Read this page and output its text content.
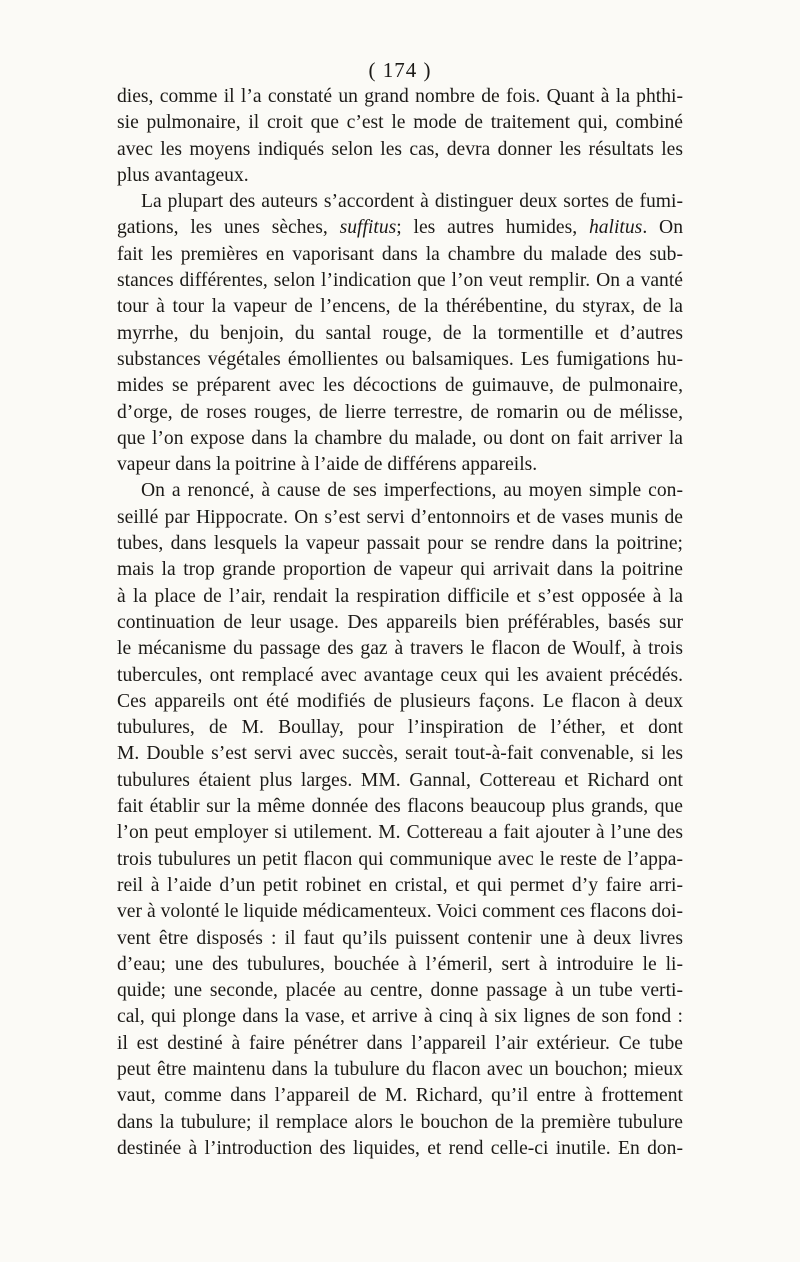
( 174 )
dies, comme il l’a constaté un grand nombre de fois. Quant à la phthi-
sie pulmonaire, il croit que c’est le mode de traitement qui, combiné
avec les moyens indiqués selon les cas, devra donner les résultats les
plus avantageux.
La plupart des auteurs s’accordent à distinguer deux sortes de fumi-
gations, les unes sèches, suffitus; les autres humides, halitus. On
fait les premières en vaporisant dans la chambre du malade des sub-
stances différentes, selon l’indication que l’on veut remplir. On a vanté
tour à tour la vapeur de l’encens, de la thérébentine, du styrax, de la
myrrhe, du benjoin, du santal rouge, de la tormentille et d’autres
substances végétales émollientes ou balsamiques. Les fumigations hu-
mides se préparent avec les décoctions de guimauve, de pulmonaire,
d’orge, de roses rouges, de lierre terrestre, de romarin ou de mélisse,
que l’on expose dans la chambre du malade, ou dont on fait arriver la
vapeur dans la poitrine à l’aide de différens appareils.
On a renoncé, à cause de ses imperfections, au moyen simple con-
seillé par Hippocrate. On s’est servi d’entonnoirs et de vases munis de
tubes, dans lesquels la vapeur passait pour se rendre dans la poitrine;
mais la trop grande proportion de vapeur qui arrivait dans la poitrine
à la place de l’air, rendait la respiration difficile et s’est opposée à la
continuation de leur usage. Des appareils bien préférables, basés sur
le mécanisme du passage des gaz à travers le flacon de Woulf, à trois
tubercules, ont remplacé avec avantage ceux qui les avaient précédés.
Ces appareils ont été modifiés de plusieurs façons. Le flacon à deux
tubulures, de M. Boullay, pour l’inspiration de l’éther, et dont
M. Double s’est servi avec succès, serait tout-à-fait convenable, si les
tubulures étaient plus larges. MM. Gannal, Cottereau et Richard ont
fait établir sur la même donnée des flacons beaucoup plus grands, que
l’on peut employer si utilement. M. Cottereau a fait ajouter à l’une des
trois tubulures un petit flacon qui communique avec le reste de l’appa-
reil à l’aide d’un petit robinet en cristal, et qui permet d’y faire arri-
ver à volonté le liquide médicamenteux. Voici comment ces flacons doi-
vent être disposés : il faut qu’ils puissent contenir une à deux livres
d’eau; une des tubulures, bouchée à l’émeril, sert à introduire le li-
quide; une seconde, placée au centre, donne passage à un tube verti-
cal, qui plonge dans la vase, et arrive à cinq à six lignes de son fond :
il est destiné à faire pénétrer dans l’appareil l’air extérieur. Ce tube
peut être maintenu dans la tubulure du flacon avec un bouchon; mieux
vaut, comme dans l’appareil de M. Richard, qu’il entre à frottement
dans la tubulure; il remplace alors le bouchon de la première tubulure
destinée à l’introduction des liquides, et rend celle-ci inutile. En don-
